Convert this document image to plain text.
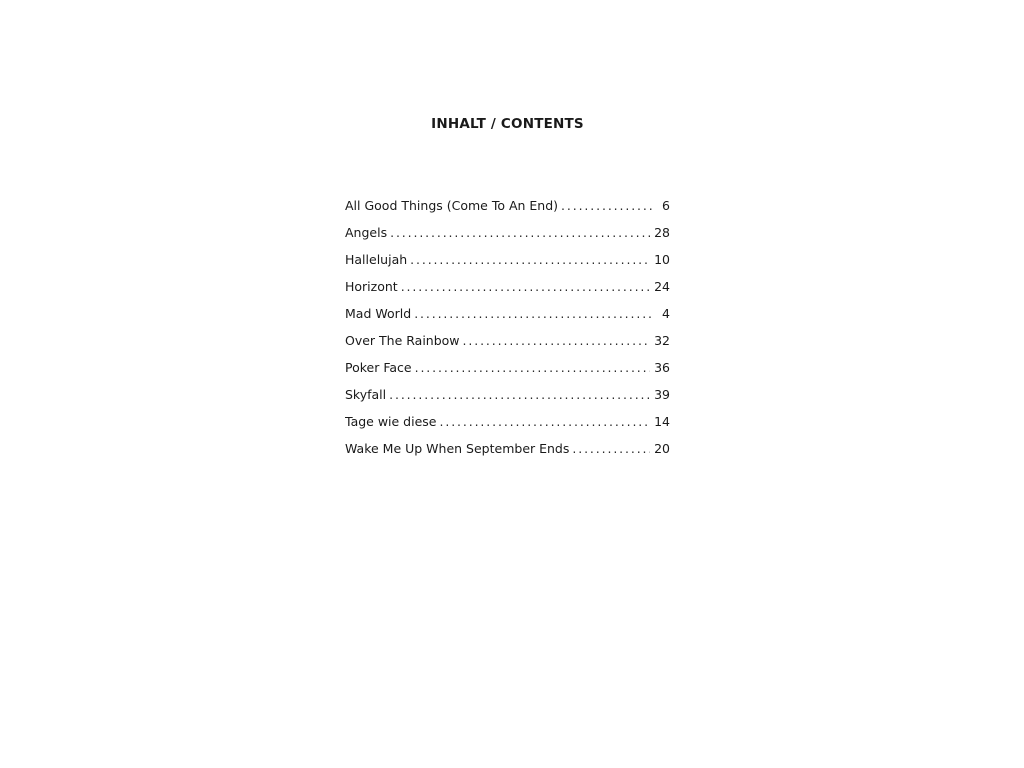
INHALT / CONTENTS
All Good Things (Come To An End) . . .	6
Angels . . .	28
Hallelujah . . .	10
Horizont . . .	24
Mad World . . .	4
Over The Rainbow . . .	32
Poker Face . . .	36
Skyfall . . .	39
Tage wie diese . . .	14
Wake Me Up When September Ends . . .	20
